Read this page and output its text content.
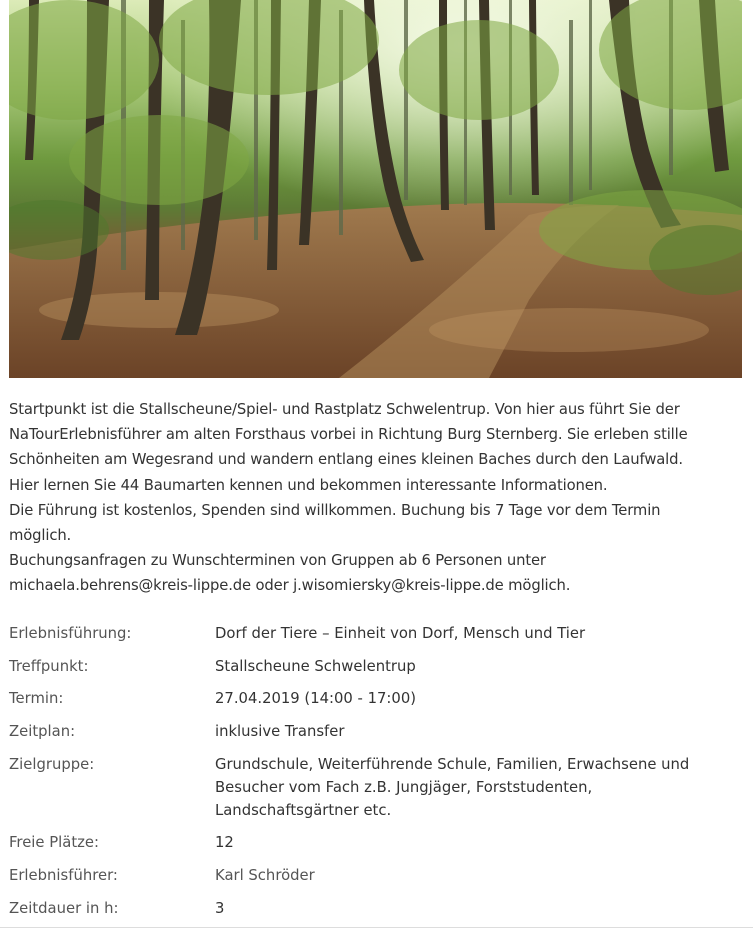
Startpunkt ist die Stallscheune/Spiel- und Rastplatz Schwelentrup. Von hier aus führt Sie der

NaTourErlebnisführer am alten Forsthaus vorbei in Richtung Burg Sternberg. Sie erleben stille

Schönheiten am Wegesrand und wandern entlang eines kleinen Baches durch den Laufwald.

Hier lernen Sie 44 Baumarten kennen und bekommen interessante Informationen.

Die Führung ist kostenlos, Spenden sind willkommen. Buchung bis 7 Tage vor dem Termin

möglich.

Buchungsanfragen zu Wunschterminen von Gruppen ab 6 Personen unter

michaela.behrens@kreis-lippe.de oder j.wisomiersky@kreis-lippe.de möglich.

Erlebnisführung:	Dorf der Tiere – Einheit von Dorf, Mensch und Tier
Treffpunkt:	Stallscheune Schwelentrup
Termin:	27.04.2019 (14:00 - 17:00)
Zeitplan:	inklusive Transfer
Zielgruppe:	Grundschule, Weiterführende Schule, Familien, Erwachsene und Besucher vom Fach z.B. Jungjäger, Forststudenten, Landschaftsgärtner etc.
Freie Plätze:	12
Erlebnisführer:	Karl Schröder
Zeitdauer in h:	3
